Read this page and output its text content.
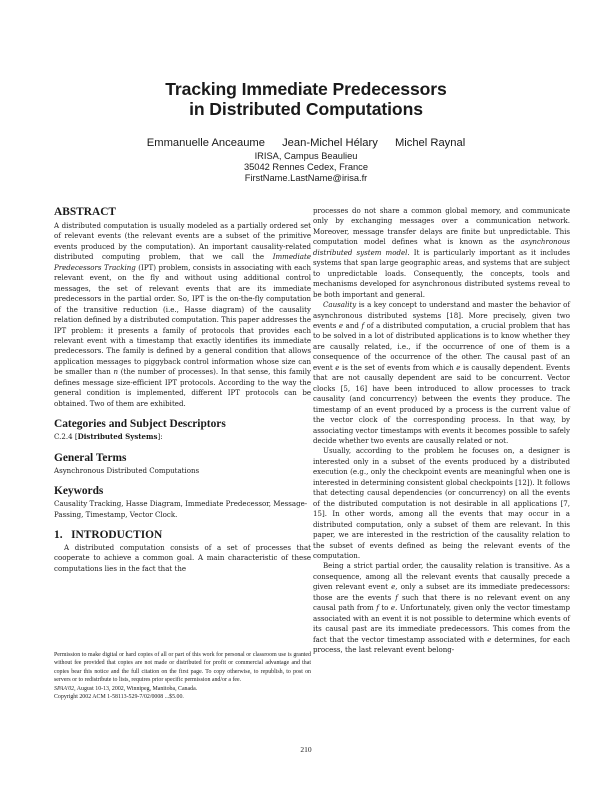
Tracking Immediate Predecessors
in Distributed Computations
Emmanuelle Anceaume Jean-Michel Hélary Michel Raynal
IRISA, Campus Beaulieu
35042 Rennes Cedex, France
FirstName.LastName@irisa.fr
ABSTRACT

A distributed computation is usually modeled as a partially ordered set of relevant events (the relevant events are a subset of the primitive events produced by the computation). An important causality-related distributed computing problem, that we call the Immediate Predecessors Tracking (IPT) problem, consists in associating with each relevant event, on the fly and without using additional control messages, the set of relevant events that are its immediate predecessors in the partial order. So, IPT is the on-the-fly computation of the transitive reduction (i.e., Hasse diagram) of the causality relation defined by a distributed computation. This paper addresses the IPT problem: it presents a family of protocols that provides each relevant event with a timestamp that exactly identifies its immediate predecessors. The family is defined by a general condition that allows application messages to piggyback control information whose size can be smaller than n (the number of processes). In that sense, this family defines message size-efficient IPT protocols. According to the way the general condition is implemented, different IPT protocols can be obtained. Two of them are exhibited.

Categories and Subject Descriptors

C.2.4 [Distributed Systems]:

General Terms

Asynchronous Distributed Computations

Keywords

Causality Tracking, Hasse Diagram, Immediate Predecessor, Message-Passing, Timestamp, Vector Clock.

1.   INTRODUCTION

A distributed computation consists of a set of processes that cooperate to achieve a common goal. A main characteristic of these computations lies in the fact that the

Permission to make digital or hard copies of all or part of this work for personal or classroom use is granted without fee provided that copies are not made or distributed for profit or commercial advantage and that copies bear this notice and the full citation on the first page. To copy otherwise, to republish, to post on servers or to redistribute to lists, requires prior specific permission and/or a fee.

SPAA'02, August 10-13, 2002, Winnipeg, Manitoba, Canada.

Copyright 2002 ACM 1-58113-529-7/02/0008 ...$5.00.

processes do not share a common global memory, and communicate only by exchanging messages over a communication network. Moreover, message transfer delays are finite but unpredictable. This computation model defines what is known as the asynchronous distributed system model. It is particularly important as it includes systems that span large geographic areas, and systems that are subject to unpredictable loads. Consequently, the concepts, tools and mechanisms developed for asynchronous distributed systems reveal to be both important and general.

Causality is a key concept to understand and master the behavior of asynchronous distributed systems [18]. More precisely, given two events e and f of a distributed computation, a crucial problem that has to be solved in a lot of distributed applications is to know whether they are causally related, i.e., if the occurrence of one of them is a consequence of the occurrence of the other. The causal past of an event e is the set of events from which e is causally dependent. Events that are not causally dependent are said to be concurrent. Vector clocks [5, 16] have been introduced to allow processes to track causality (and concurrency) between the events they produce. The timestamp of an event produced by a process is the current value of the vector clock of the corresponding process. In that way, by associating vector timestamps with events it becomes possible to safely decide whether two events are causally related or not.

Usually, according to the problem he focuses on, a designer is interested only in a subset of the events produced by a distributed execution (e.g., only the checkpoint events are meaningful when one is interested in determining consistent global checkpoints [12]). It follows that detecting causal dependencies (or concurrency) on all the events of the distributed computation is not desirable in all applications [7, 15]. In other words, among all the events that may occur in a distributed computation, only a subset of them are relevant. In this paper, we are interested in the restriction of the causality relation to the subset of events defined as being the relevant events of the computation.

Being a strict partial order, the causality relation is transitive. As a consequence, among all the relevant events that causally precede a given relevant event e, only a subset are its immediate predecessors: those are the events f such that there is no relevant event on any causal path from f to e. Unfortunately, given only the vector timestamp associated with an event it is not possible to determine which events of its causal past are its immediate predecessors. This comes from the fact that the vector timestamp associated with e determines, for each process, the last relevant event belong-

210
